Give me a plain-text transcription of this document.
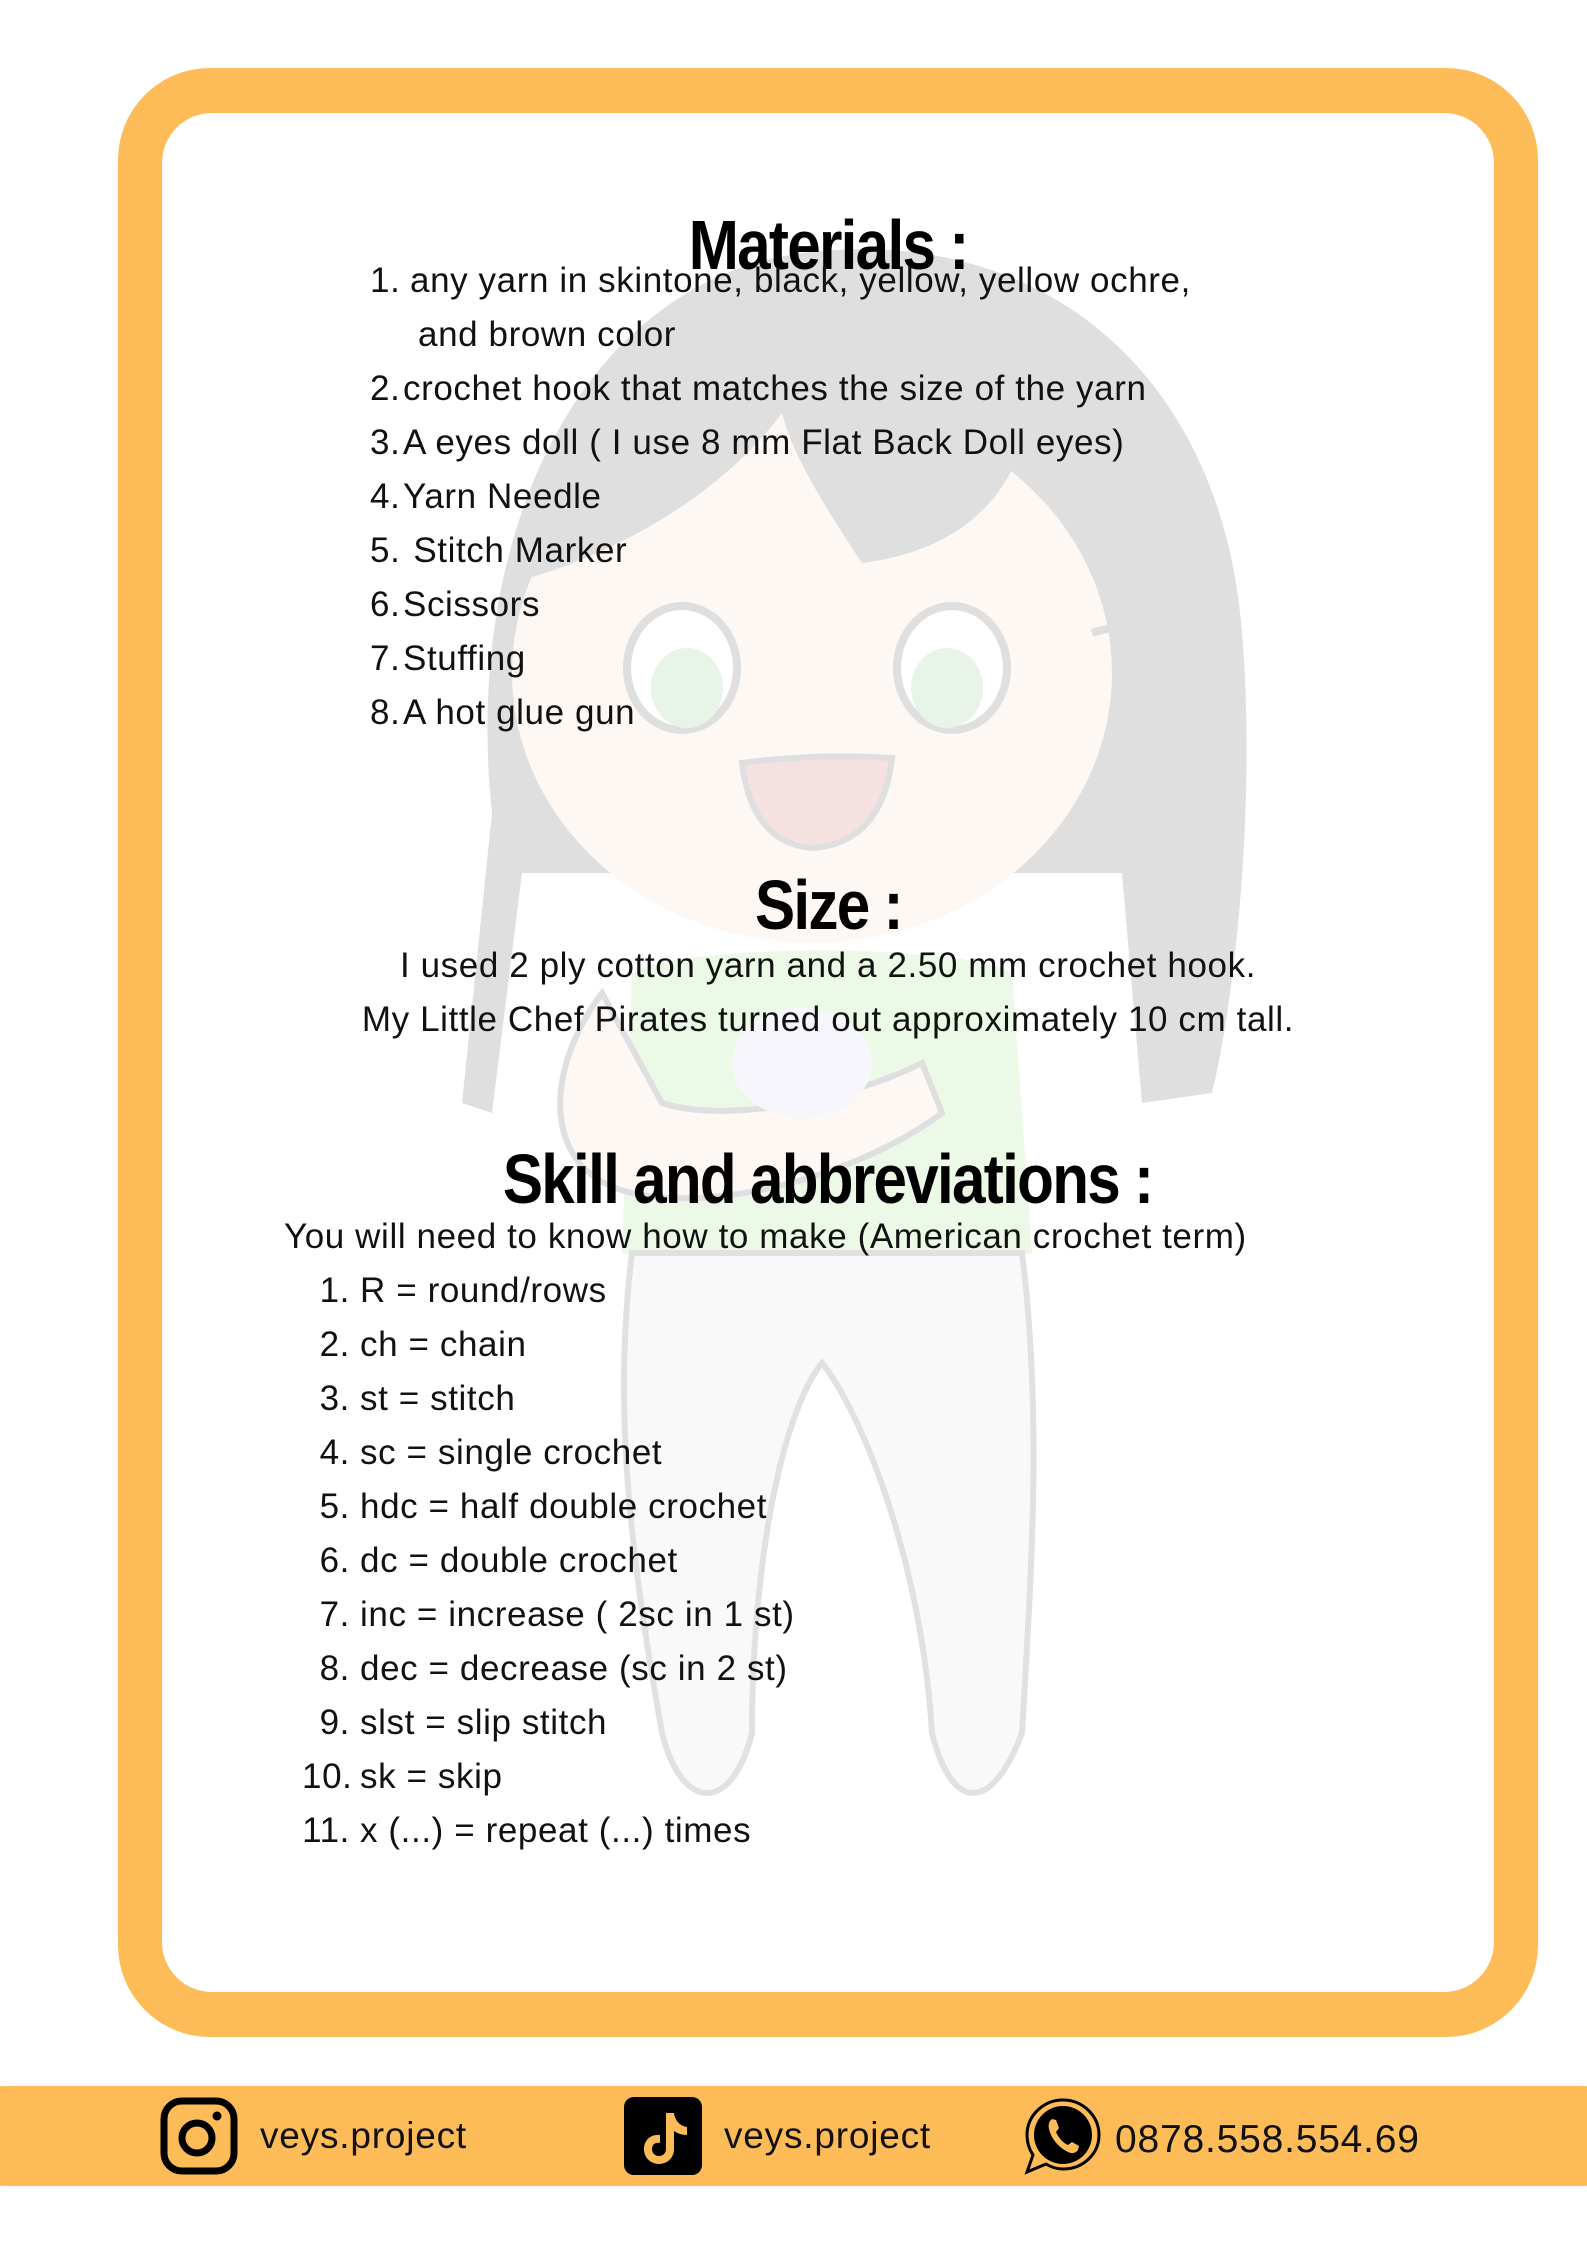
Materials :
1. any yarn in skintone, black, yellow, yellow ochre,
and brown color
2. crochet hook that matches the size of the yarn
3. A eyes doll ( I use 8 mm Flat Back Doll eyes)
4. Yarn Needle
5. Stitch Marker
6. Scissors
7. Stuffing
8. A hot glue gun
Size :
I used 2 ply cotton yarn and a 2.50 mm crochet hook.
My Little Chef Pirates turned out approximately 10 cm tall.
Skill and abbreviations :
You will need to know how to make (American crochet term)
1. R = round/rows
2. ch = chain
3. st = stitch
4. sc = single crochet
5. hdc = half double crochet
6. dc = double crochet
7. inc = increase ( 2sc in 1 st)
8. dec = decrease (sc in 2 st)
9. slst = slip stitch
10. sk = skip
11. x (...) = repeat (...) times
veys.project	veys.project	0878.558.554.69
